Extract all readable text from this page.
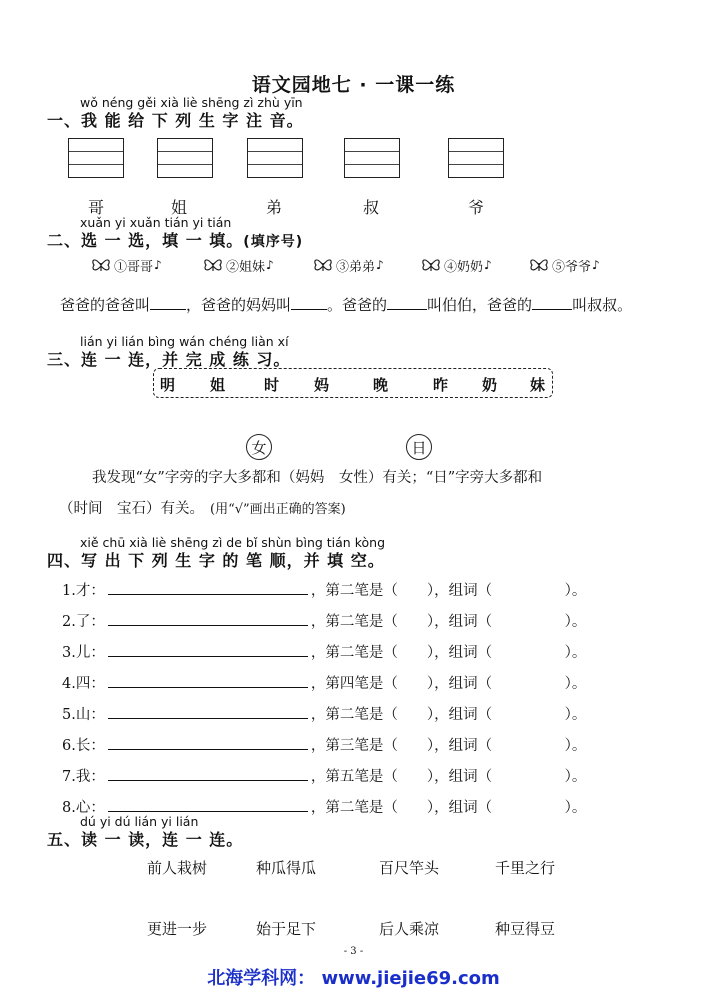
语文园地七 · 一课一练
wǒ néng gěi xià liè shēng zì zhù yīn
一、我 能 给 下 列 生 字 注 音。
哥	姐	弟	叔	爷
xuǎn yi xuǎn tián yi tián
二、选 一 选，填 一 填。(填序号)
①哥哥 ♪	②姐妹 ♪	③弟弟 ♪	④奶奶 ♪	⑤爷爷 ♪
爸爸的爸爸叫 ，爸爸的妈妈叫 。爸爸的	叫伯伯，爸爸的	叫叔叔。
lián yi lián bìng wán chéng liàn xí
三、连 一 连，并 完 成 练 习。
明 姐	时 妈	晚	昨 奶 妹
女	日
我发现“女”字旁的字大多都和（妈妈　女性）有关；“日”字旁大多都和
（时间　宝石）有关。 (用“√”画出正确的答案)
xiě chū xià liè shēng zì de bǐ shùn bìng tián kòng
四、写 出 下 列 生 字 的 笔 顺，并 填 空。
1.才：	，第二笔是（　　），组词（　　　　　）。
2.了：	，第二笔是（　　），组词（　　　　　）。
3.儿：	，第二笔是（　　），组词（　　　　　）。
4.四：	，第四笔是（　　），组词（　　　　　）。
5.山：	，第二笔是（　　），组词（　　　　　）。
6.长：	，第三笔是（　　），组词（　　　　　）。
7.我：	，第五笔是（　　），组词（　　　　　）。
8.心：	，第二笔是（　　），组词（　　　　　）。
dú yi dú lián yi lián
五、读 一 读，连 一 连。
前人栽树	种瓜得瓜	百尺竿头	千里之行
更进一步	始于足下	后人乘凉	种豆得豆
- 3 -
北海学科网： www.jiejie69.com
